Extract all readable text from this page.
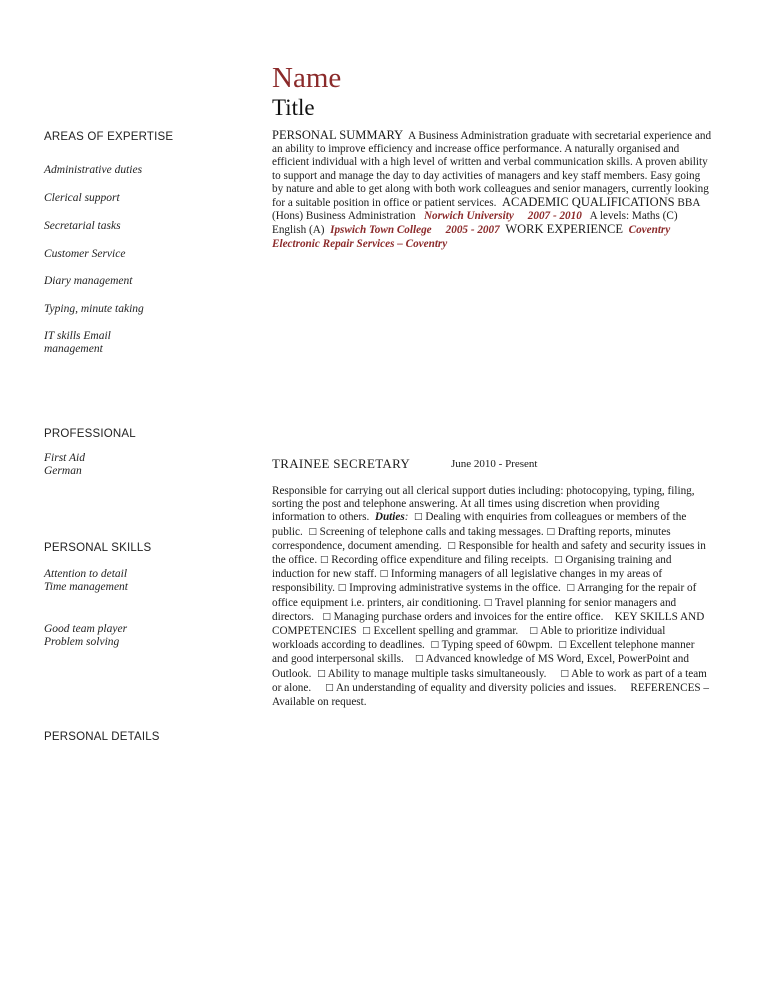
Name
Title
AREAS OF EXPERTISE
Administrative duties
Clerical support
Secretarial tasks
Customer Service
Diary management
Typing, minute taking
IT skills Email management
PROFESSIONAL
First Aid
German
PERSONAL SKILLS
Attention to detail
Time management
Good team player
Problem solving
PERSONAL DETAILS
PERSONAL SUMMARY A Business Administration graduate with secretarial experience and an ability to improve efficiency and increase office performance. A naturally organised and efficient individual with a high level of written and verbal communication skills. A proven ability to support and manage the day to day activities of managers and key staff members. Easy going by nature and able to get along with both work colleagues and senior managers, currently looking for a suitable position in office or patient services. ACADEMIC QUALIFICATIONS BBA (Hons) Business Administration Norwich University 2007 - 2010 A levels: Maths (C) English (A) Ipswich Town College 2005 - 2007 WORK EXPERIENCE Coventry Electronic Repair Services – Coventry
TRAINEE SECRETARY	June 2010 - Present
Responsible for carrying out all clerical support duties including: photocopying, typing, filing, sorting the post and telephone answering. At all times using discretion when providing information to others. Duties: □ Dealing with enquiries from colleagues or members of the public. □ Screening of telephone calls and taking messages. □ Drafting reports, minutes correspondence, document amending. □ Responsible for health and safety and security issues in the office. □ Recording office expenditure and filing receipts. □ Organising training and induction for new staff. □ Informing managers of all legislative changes in my areas of responsibility. □ Improving administrative systems in the office. □ Arranging for the repair of office equipment i.e. printers, air conditioning. □ Travel planning for senior managers and directors. □ Managing purchase orders and invoices for the entire office. KEY SKILLS AND COMPETENCIES □ Excellent spelling and grammar. □ Able to prioritize individual workloads according to deadlines. □ Typing speed of 60wpm. □ Excellent telephone manner and good interpersonal skills. □ Advanced knowledge of MS Word, Excel, PowerPoint and Outlook. □ Ability to manage multiple tasks simultaneously. □ Able to work as part of a team or alone. □ An understanding of equality and diversity policies and issues. REFERENCES – Available on request.
